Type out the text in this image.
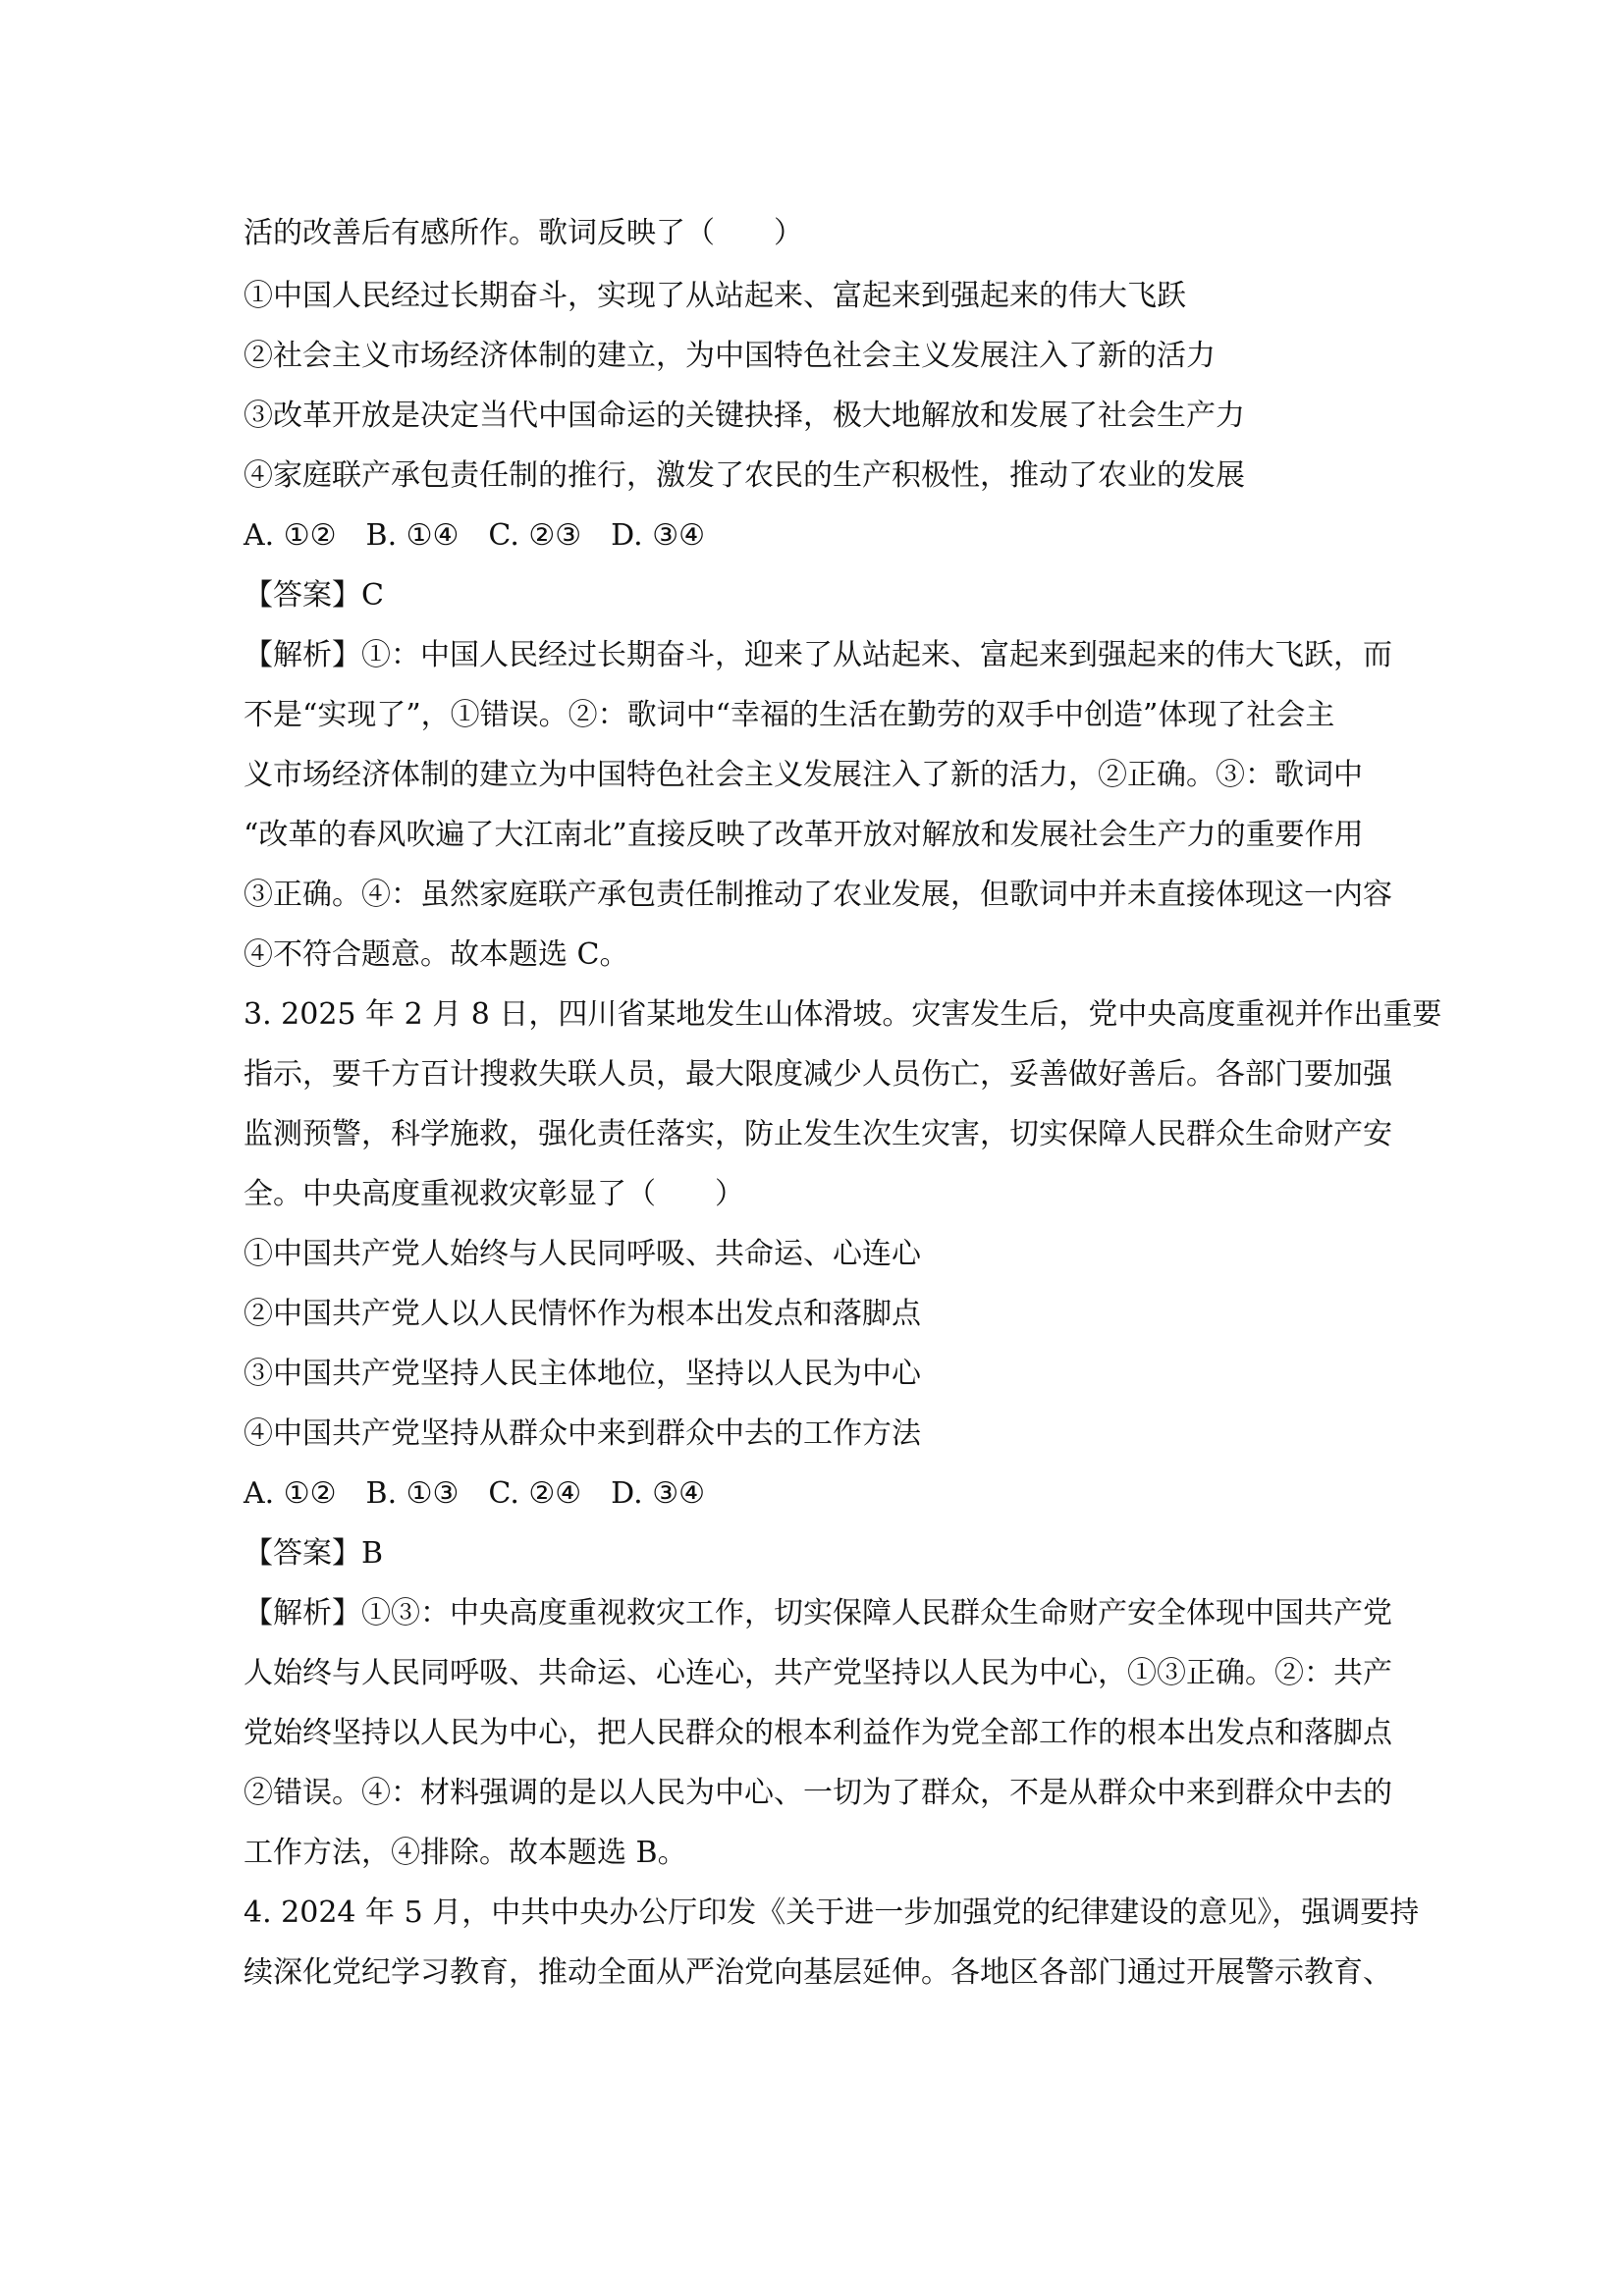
活的改善后有感所作。歌词反映了（　　）
①中国人民经过长期奋斗，实现了从站起来、富起来到强起来的伟大飞跃
②社会主义市场经济体制的建立，为中国特色社会主义发展注入了新的活力
③改革开放是决定当代中国命运的关键抉择，极大地解放和发展了社会生产力
④家庭联产承包责任制的推行，激发了农民的生产积极性，推动了农业的发展
A. ①②　B. ①④　C. ②③　D. ③④
【答案】C
【解析】①：中国人民经过长期奋斗，迎来了从站起来、富起来到强起来的伟大飞跃，而
不是“实现了”，①错误。②：歌词中“幸福的生活在勤劳的双手中创造”体现了社会主
义市场经济体制的建立为中国特色社会主义发展注入了新的活力，②正确。③：歌词中
“改革的春风吹遍了大江南北”直接反映了改革开放对解放和发展社会生产力的重要作用
③正确。④：虽然家庭联产承包责任制推动了农业发展，但歌词中并未直接体现这一内容
④不符合题意。故本题选 C。
3. 2025 年 2 月 8 日，四川省某地发生山体滑坡。灾害发生后，党中央高度重视并作出重要
指示，要千方百计搜救失联人员，最大限度减少人员伤亡，妥善做好善后。各部门要加强
监测预警，科学施救，强化责任落实，防止发生次生灾害，切实保障人民群众生命财产安
全。中央高度重视救灾彰显了（　　）
①中国共产党人始终与人民同呼吸、共命运、心连心
②中国共产党人以人民情怀作为根本出发点和落脚点
③中国共产党坚持人民主体地位，坚持以人民为中心
④中国共产党坚持从群众中来到群众中去的工作方法
A. ①②　B. ①③　C. ②④　D. ③④
【答案】B
【解析】①③：中央高度重视救灾工作，切实保障人民群众生命财产安全体现中国共产党
人始终与人民同呼吸、共命运、心连心，共产党坚持以人民为中心，①③正确。②：共产
党始终坚持以人民为中心，把人民群众的根本利益作为党全部工作的根本出发点和落脚点
②错误。④：材料强调的是以人民为中心、一切为了群众，不是从群众中来到群众中去的
工作方法，④排除。故本题选 B。
4. 2024 年 5 月，中共中央办公厅印发《关于进一步加强党的纪律建设的意见》，强调要持
续深化党纪学习教育，推动全面从严治党向基层延伸。各地区各部门通过开展警示教育、
